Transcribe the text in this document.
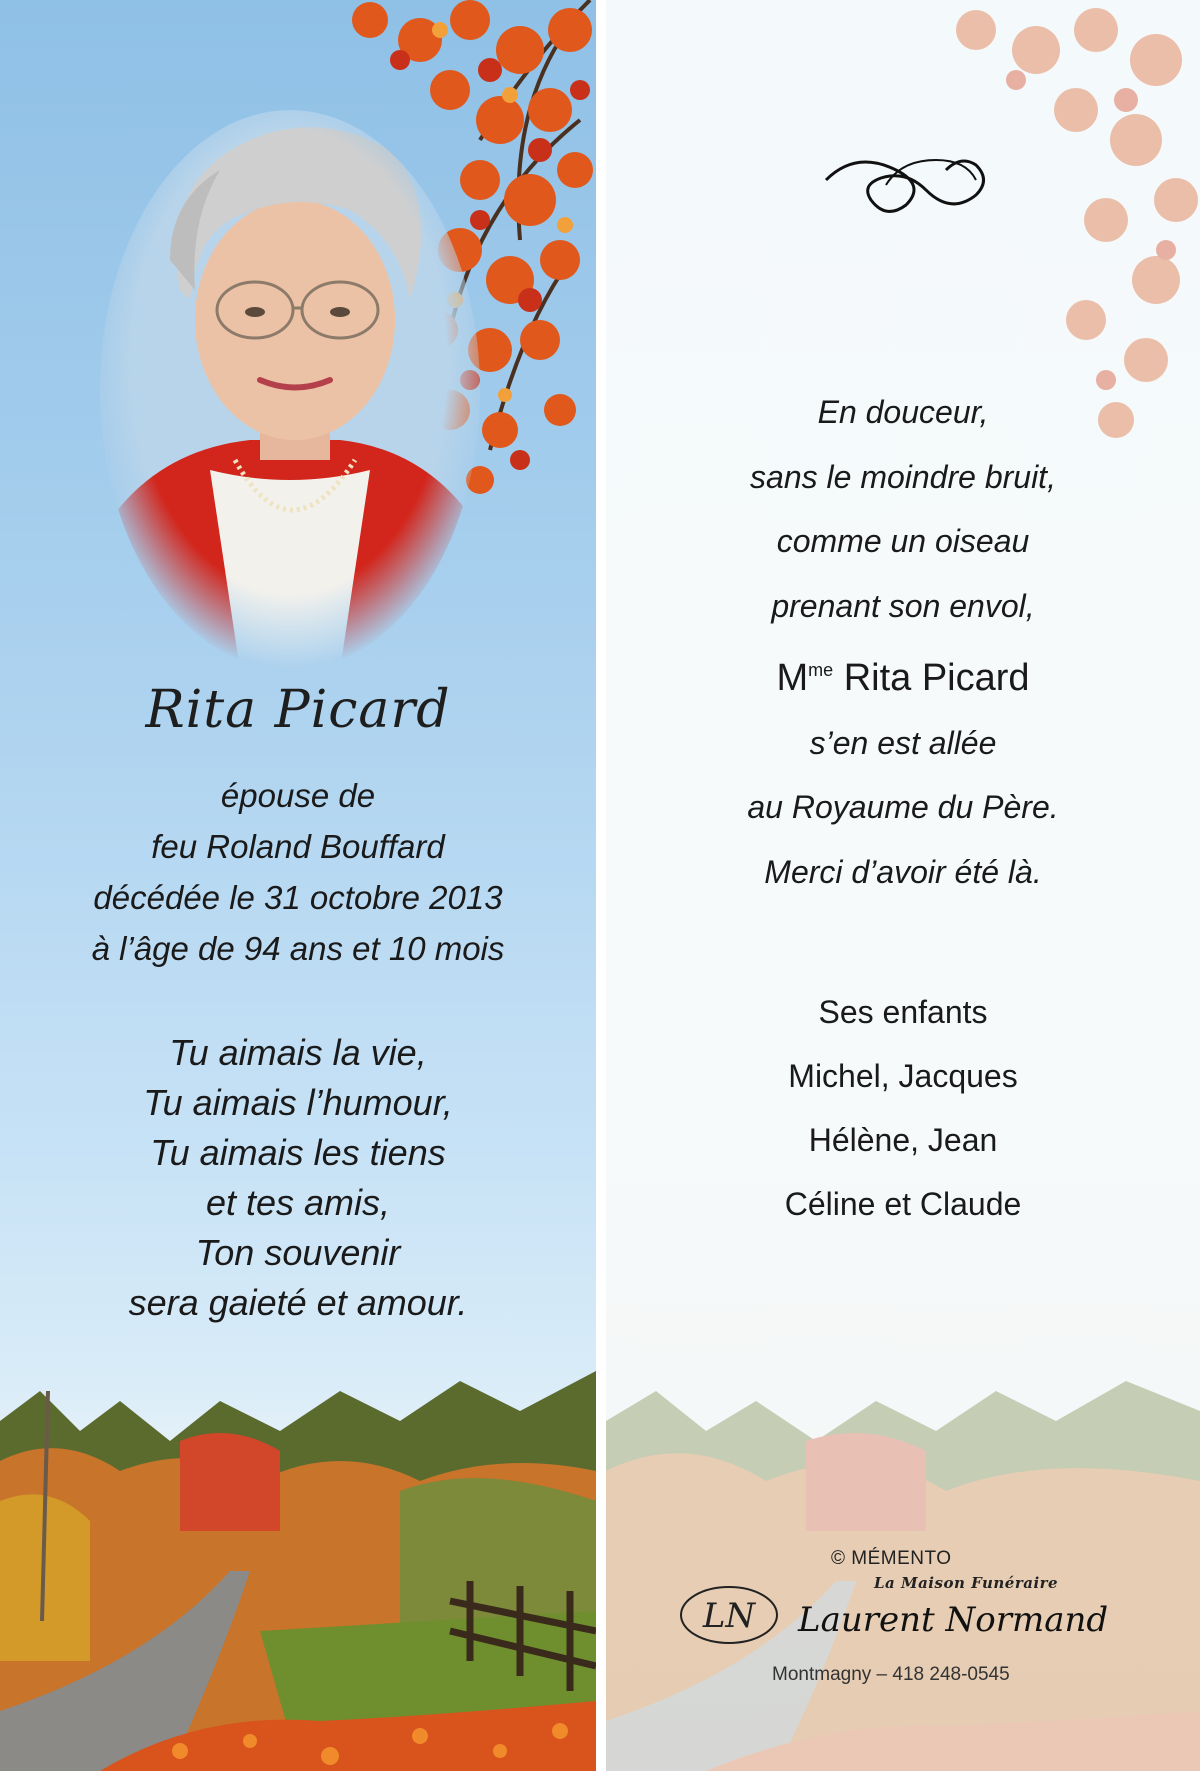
Rita Picard
épouse de
feu Roland Bouffard
décédée le 31 octobre 2013
à l’âge de 94 ans et 10 mois
Tu aimais la vie,
Tu aimais l’humour,
Tu aimais les tiens
et tes amis,
Ton souvenir
sera gaieté et amour.
En douceur,
sans le moindre bruit,
comme un oiseau
prenant son envol,
$M^{me}$ Rita Picard
s’en est allée
au Royaume du Père.
Merci d’avoir été là.
Ses enfants
Michel, Jacques
Hélène, Jean
Céline et Claude
© MÉMENTO
La Maison Funéraire
LN Laurent Normand
Montmagny – 418 248-0545
